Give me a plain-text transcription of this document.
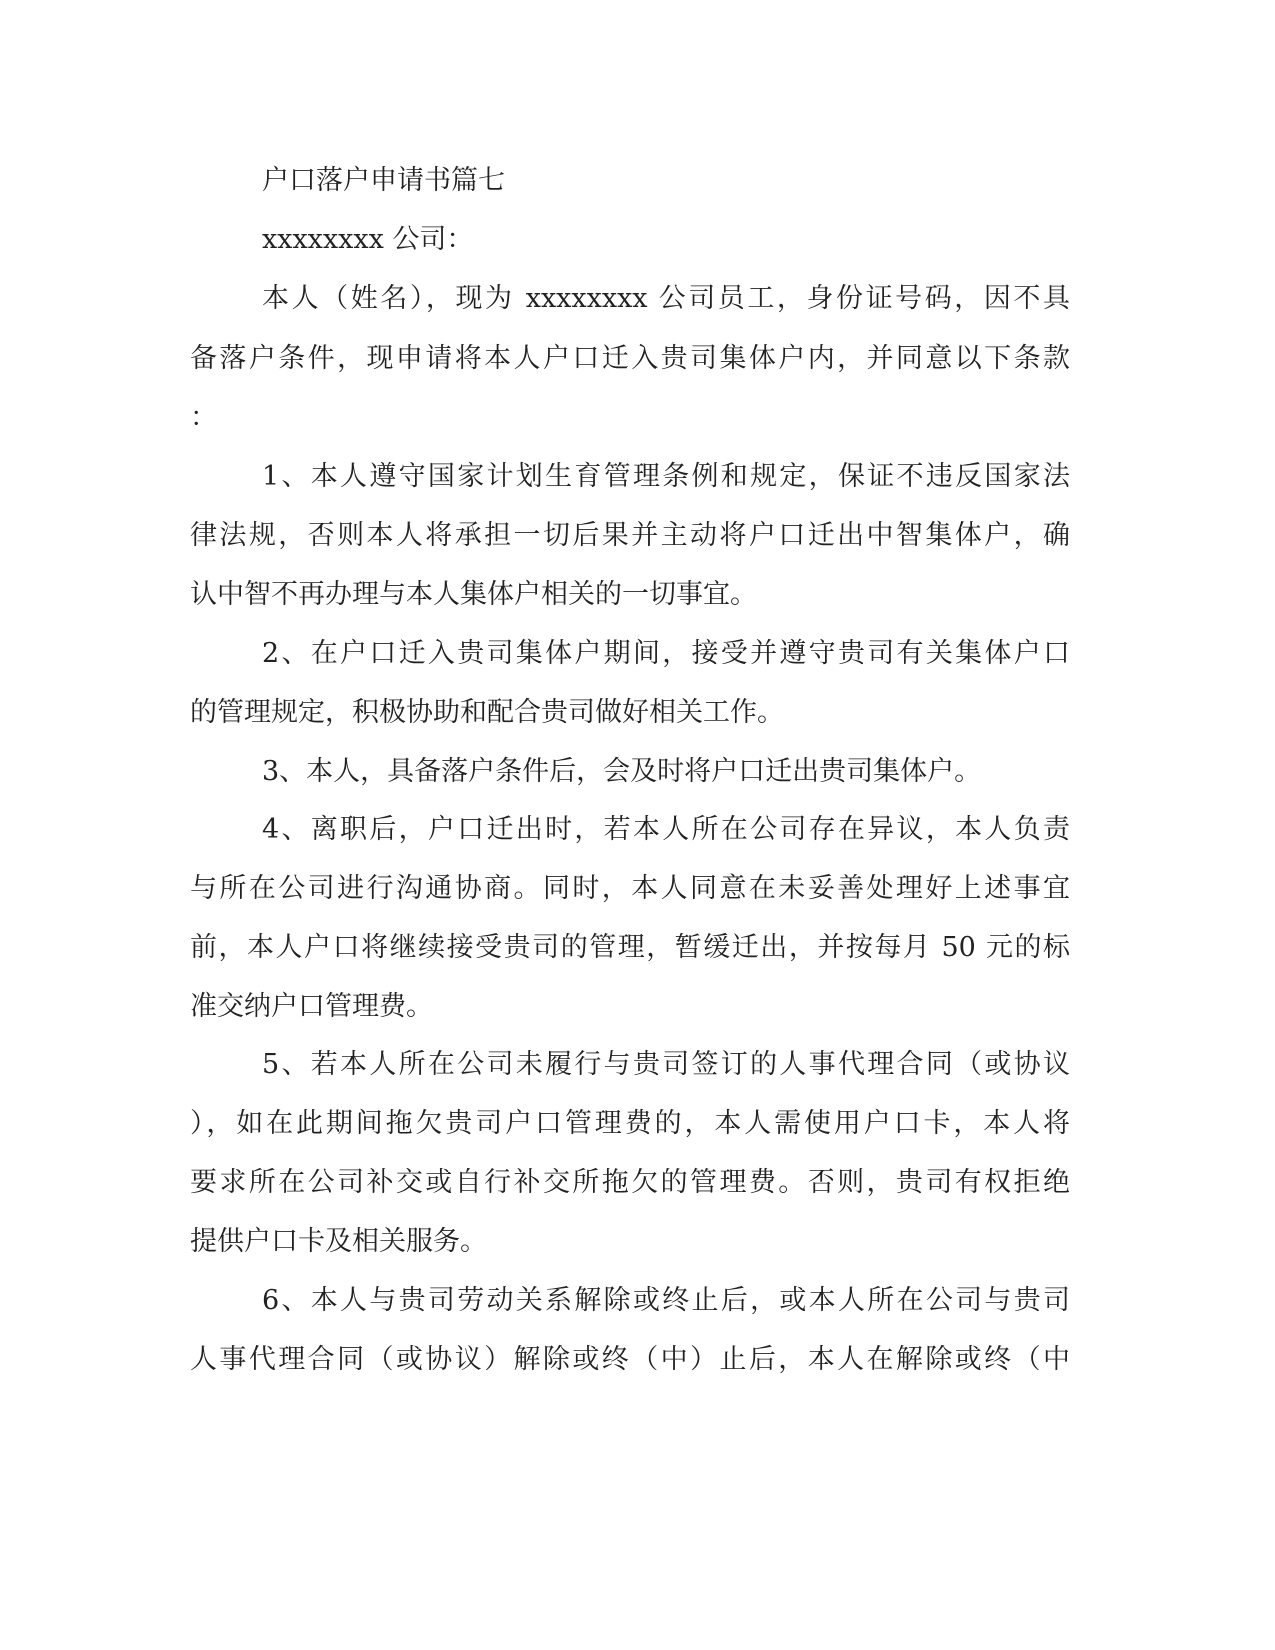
户口落户申请书篇七
xxxxxxxx 公司：
本人（姓名），现为 xxxxxxxx 公司员工，身份证号码，因不具
备落户条件，现申请将本人户口迁入贵司集体户内，并同意以下条款
：
1、本人遵守国家计划生育管理条例和规定，保证不违反国家法
律法规，否则本人将承担一切后果并主动将户口迁出中智集体户，确
认中智不再办理与本人集体户相关的一切事宜。
2、在户口迁入贵司集体户期间，接受并遵守贵司有关集体户口
的管理规定，积极协助和配合贵司做好相关工作。
3、本人，具备落户条件后，会及时将户口迁出贵司集体户。
4、离职后，户口迁出时，若本人所在公司存在异议，本人负责
与所在公司进行沟通协商。同时，本人同意在未妥善处理好上述事宜
前，本人户口将继续接受贵司的管理，暂缓迁出，并按每月 50 元的标
准交纳户口管理费。
5、若本人所在公司未履行与贵司签订的人事代理合同（或协议
），如在此期间拖欠贵司户口管理费的，本人需使用户口卡，本人将
要求所在公司补交或自行补交所拖欠的管理费。否则，贵司有权拒绝
提供户口卡及相关服务。
6、本人与贵司劳动关系解除或终止后，或本人所在公司与贵司
人事代理合同（或协议）解除或终（中）止后，本人在解除或终（中
